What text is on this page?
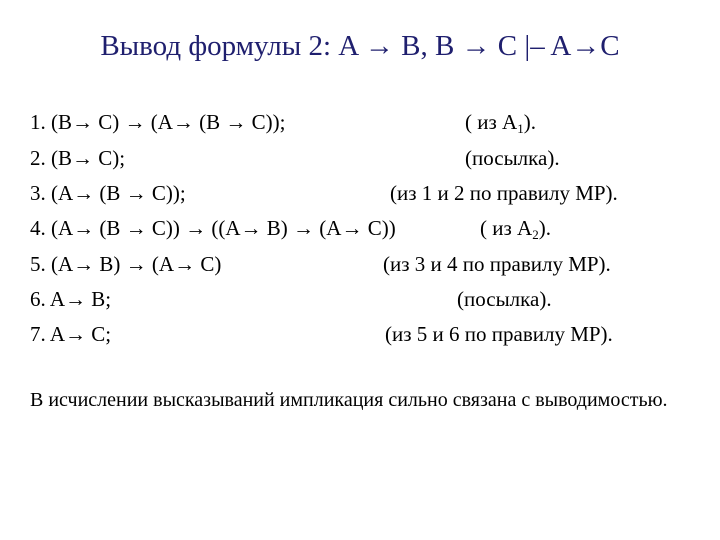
Вывод формулы 2: A → B, B → C |– A→C
1. (B→ C) → (A→ (B → C));	( из $A_1$).
2. (B→ C);	(посылка).
3. (A→ (B → C));	(из 1 и 2 по правилу MP).
4. (A→ (B → C)) → ((A→ B) → (A→ C))	( из $A_2$).
5. (A→ B) → (A→ C)	(из 3 и 4 по правилу MP).
6. A→ B;	(посылка).
7. A→ C;	(из 5 и 6 по правилу MP).
В исчислении высказываний импликация сильно связана с выводимостью.
